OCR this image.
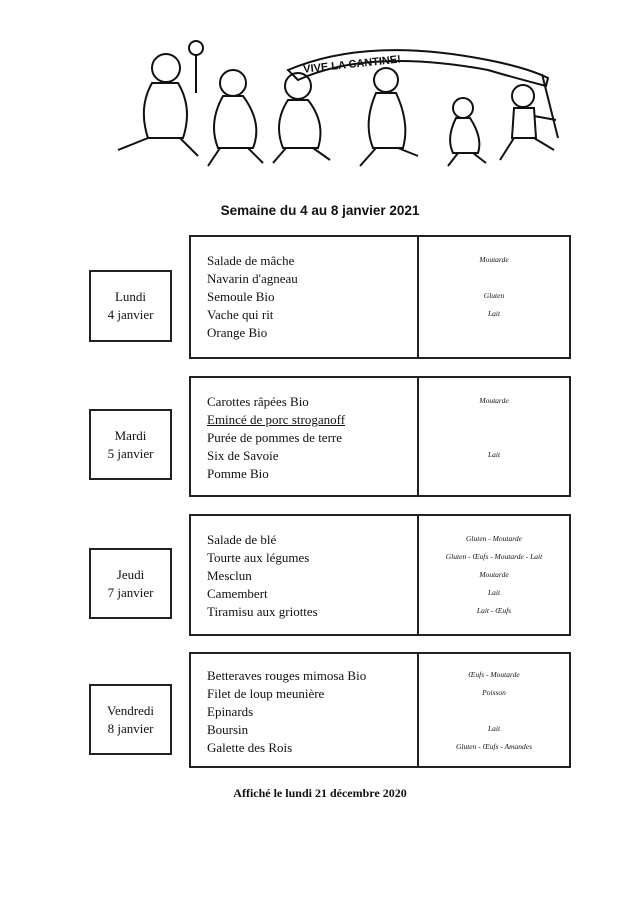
VIVE LA CANTINE!
Semaine du 4 au 8 janvier 2021
Lundi
4 janvier
Salade de mâche
Navarin d'agneau
Semoule Bio
Vache qui rit
Orange Bio
Moutarde
Gluten
Lait
Mardi
5 janvier
Carottes râpées Bio
Emincé de porc stroganoff
Purée de pommes de terre
Six de Savoie
Pomme Bio
Moutarde
Lait
Jeudi
7 janvier
Salade de blé
Tourte aux légumes
Mesclun
Camembert
Tiramisu aux griottes
Gluten - Moutarde
Gluten - Œufs - Moutarde - Lait
Moutarde
Lait
Lait - Œufs
Vendredi
8 janvier
Betteraves rouges mimosa Bio
Filet de loup meunière
Epinards
Boursin
Galette des Rois
Œufs - Moutarde
Poisson
Lait
Gluten - Œufs - Amandes
Affiché le lundi 21 décembre 2020
